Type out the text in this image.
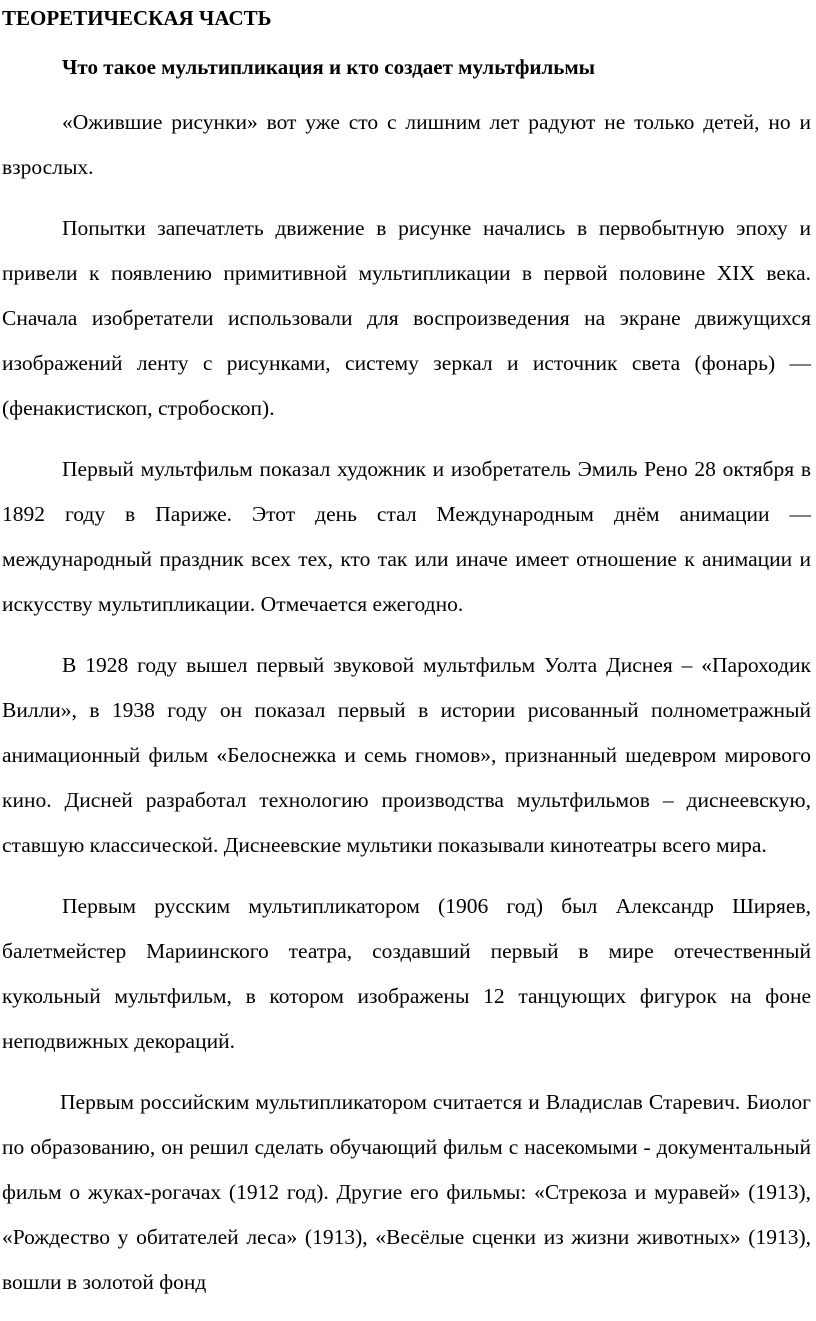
ТЕОРЕТИЧЕСКАЯ ЧАСТЬ
Что такое мультипликация и кто создает мультфильмы

«Ожившие рисунки» вот уже сто с лишним лет радуют не только детей, но и взрослых.

Попытки запечатлеть движение в рисунке начались в первобытную эпоху и привели к появлению примитивной мультипликации в первой половине XIX века. Сначала изобретатели использовали для воспроизведения на экране движущихся изображений ленту с рисунками, систему зеркал и источник света (фонарь) — (фенакистископ, стробоскоп).

Первый мультфильм показал художник и изобретатель Эмиль Рено 28 октября в 1892 году в Париже. Этот день стал Международным днём анимации — международный праздник всех тех, кто так или иначе имеет отношение к анимации и искусству мультипликации. Отмечается ежегодно.

В 1928 году вышел первый звуковой мультфильм Уолта Диснея – «Пароходик Вилли», в 1938 году он показал первый в истории рисованный полнометражный анимационный фильм «Белоснежка и семь гномов», признанный шедевром мирового кино. Дисней разработал технологию производства мультфильмов – диснеевскую, ставшую классической. Диснеевские мультики показывали кинотеатры всего мира.

Первым русским мультипликатором (1906 год) был Александр Ширяев, балетмейстер Мариинского театра, создавший первый в мире отечественный кукольный мультфильм, в котором изображены 12 танцующих фигурок на фоне неподвижных декораций.

Первым российским мультипликатором считается и Владислав Старевич. Биолог по образованию, он решил сделать обучающий фильм с насекомыми - документальный фильм о жуках-рогачах (1912 год). Другие его фильмы: «Стрекоза и муравей» (1913), «Рождество у обитателей леса» (1913), «Весёлые сценки из жизни животных» (1913), вошли в золотой фонд
